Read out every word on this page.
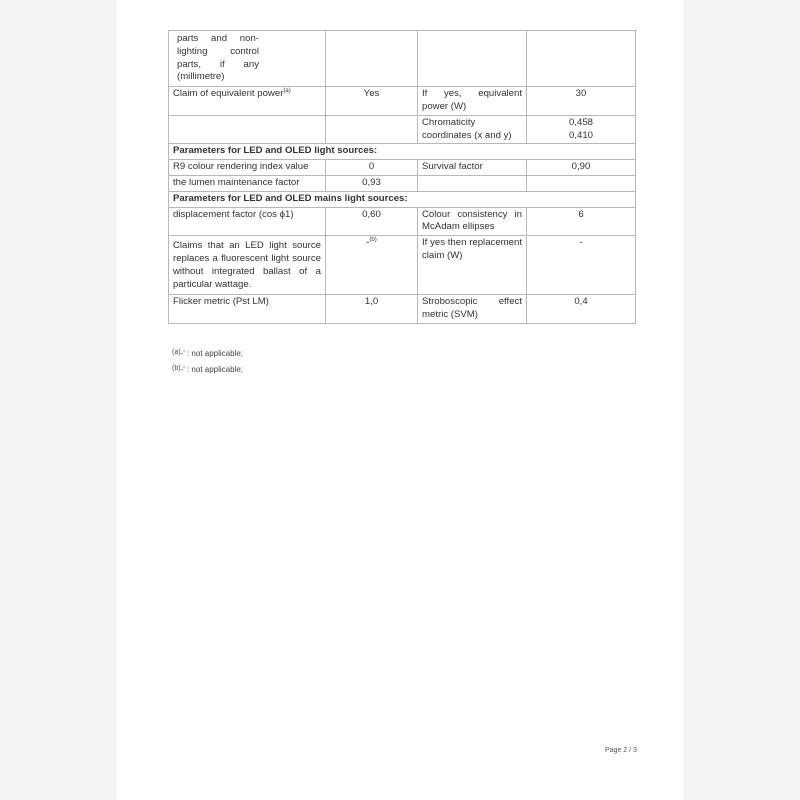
parts and non-lighting control parts, if any (millimetre)			

Claim of equivalent power$^{(a)}$	Yes	If yes, equivalent power (W)	30
		Chromaticity coordinates (x and y)	0,458
0,410

Parameters for LED and OLED light sources:			
R9 colour rendering index value	0	Survival factor	0,90
the lumen maintenance factor	0,93		
Parameters for LED and OLED mains light sources:			
displacement factor (cos ϕ1)	0,60	Colour consistency in McAdam ellipses	6
Claims that an LED light source replaces a fluorescent light source without integrated ballast of a particular wattage.	-$^{(b)}$	If yes then replacement claim (W)	-
Flicker metric (Pst LM)	1,0	Stroboscopic effect metric (SVM)	0,4
(a)-' : not applicable;
(b)-' : not applicable;
Page 2 / 3
